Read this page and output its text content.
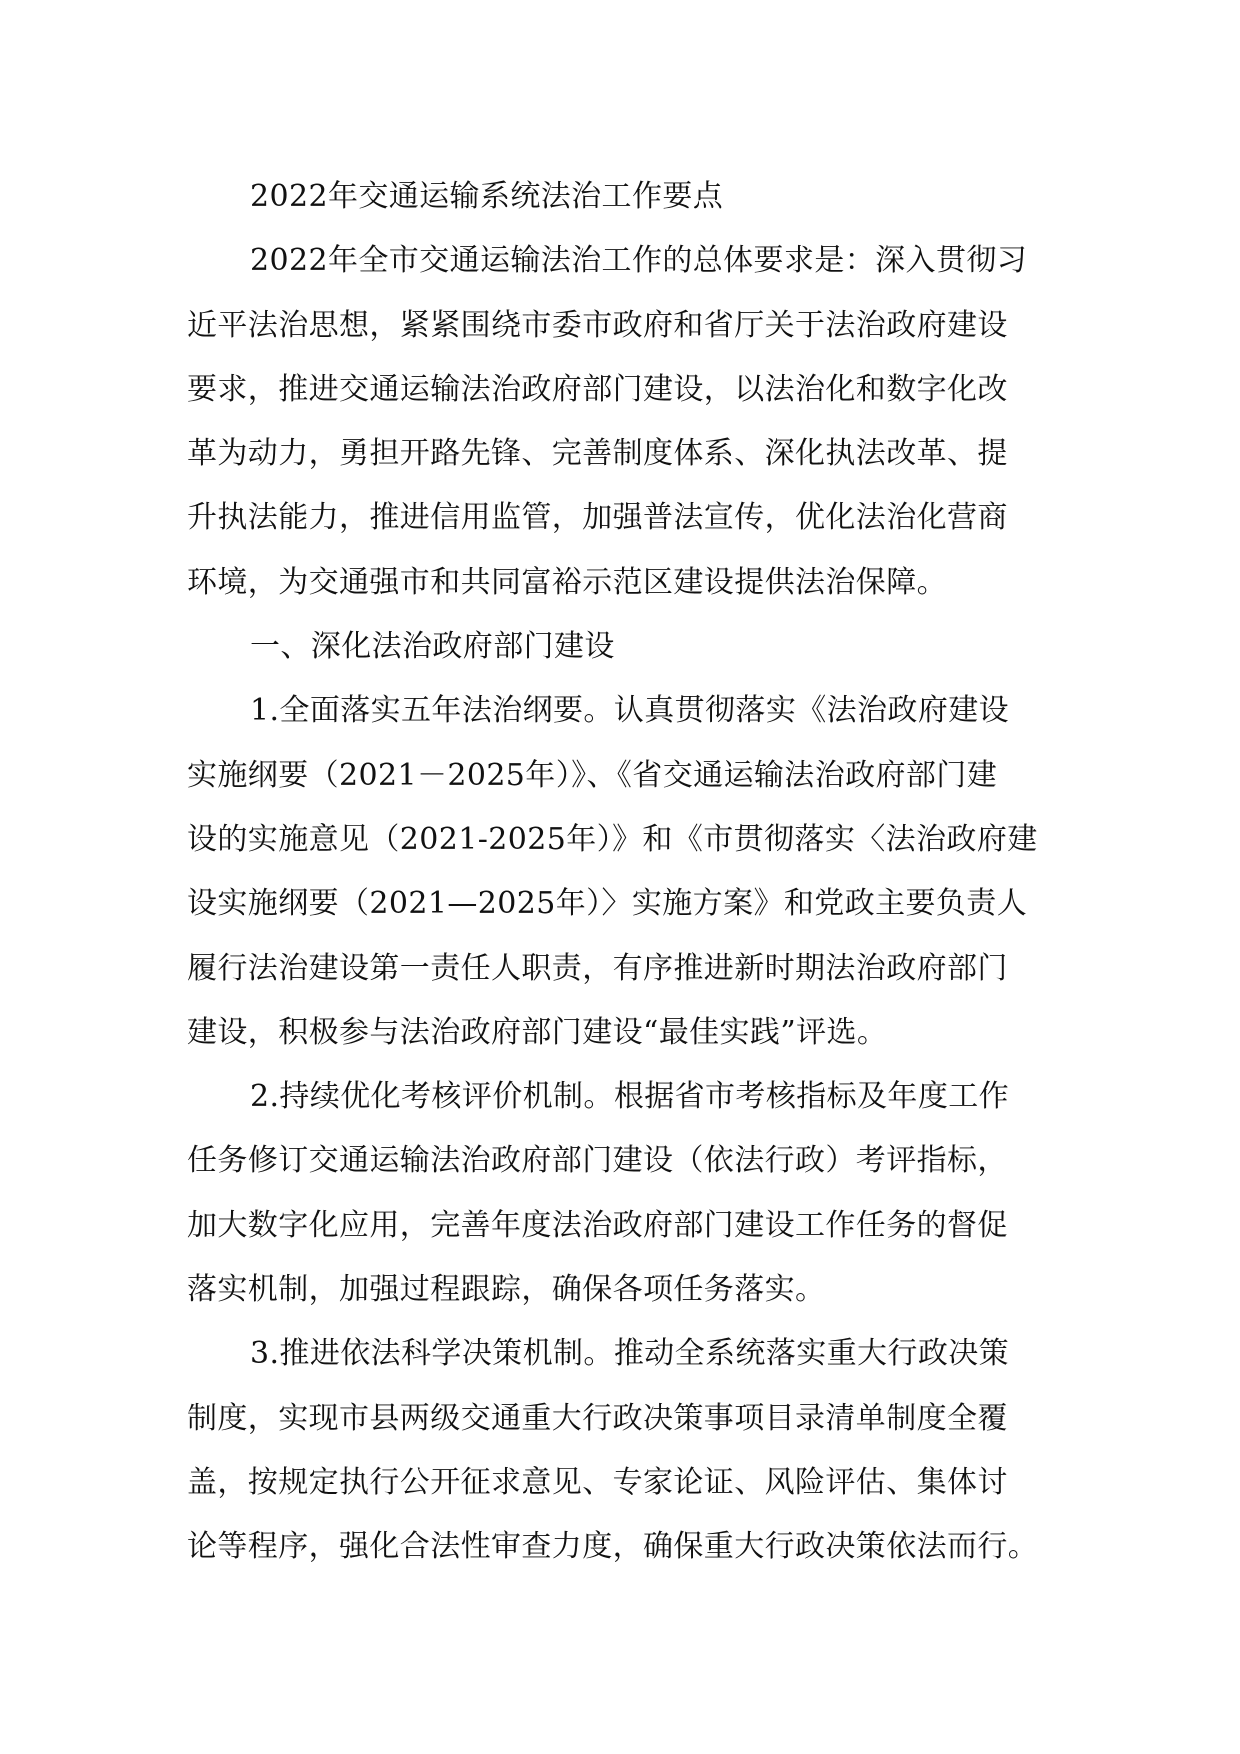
2022年交通运输系统法治工作要点
2022年全市交通运输法治工作的总体要求是：深入贯彻习
近平法治思想，紧紧围绕市委市政府和省厅关于法治政府建设
要求，推进交通运输法治政府部门建设，以法治化和数字化改
革为动力，勇担开路先锋、完善制度体系、深化执法改革、提
升执法能力，推进信用监管，加强普法宣传，优化法治化营商
环境，为交通强市和共同富裕示范区建设提供法治保障。
一、深化法治政府部门建设
1.全面落实五年法治纲要。认真贯彻落实《法治政府建设
实施纲要（2021－2025年）》、《省交通运输法治政府部门建
设的实施意见（2021-2025年）》和《市贯彻落实〈法治政府建
设实施纲要（2021—2025年）〉实施方案》和党政主要负责人
履行法治建设第一责任人职责，有序推进新时期法治政府部门
建设，积极参与法治政府部门建设“最佳实践”评选。
2.持续优化考核评价机制。根据省市考核指标及年度工作
任务修订交通运输法治政府部门建设（依法行政）考评指标，
加大数字化应用，完善年度法治政府部门建设工作任务的督促
落实机制，加强过程跟踪，确保各项任务落实。
3.推进依法科学决策机制。推动全系统落实重大行政决策
制度，实现市县两级交通重大行政决策事项目录清单制度全覆
盖，按规定执行公开征求意见、专家论证、风险评估、集体讨
论等程序，强化合法性审查力度，确保重大行政决策依法而行。
